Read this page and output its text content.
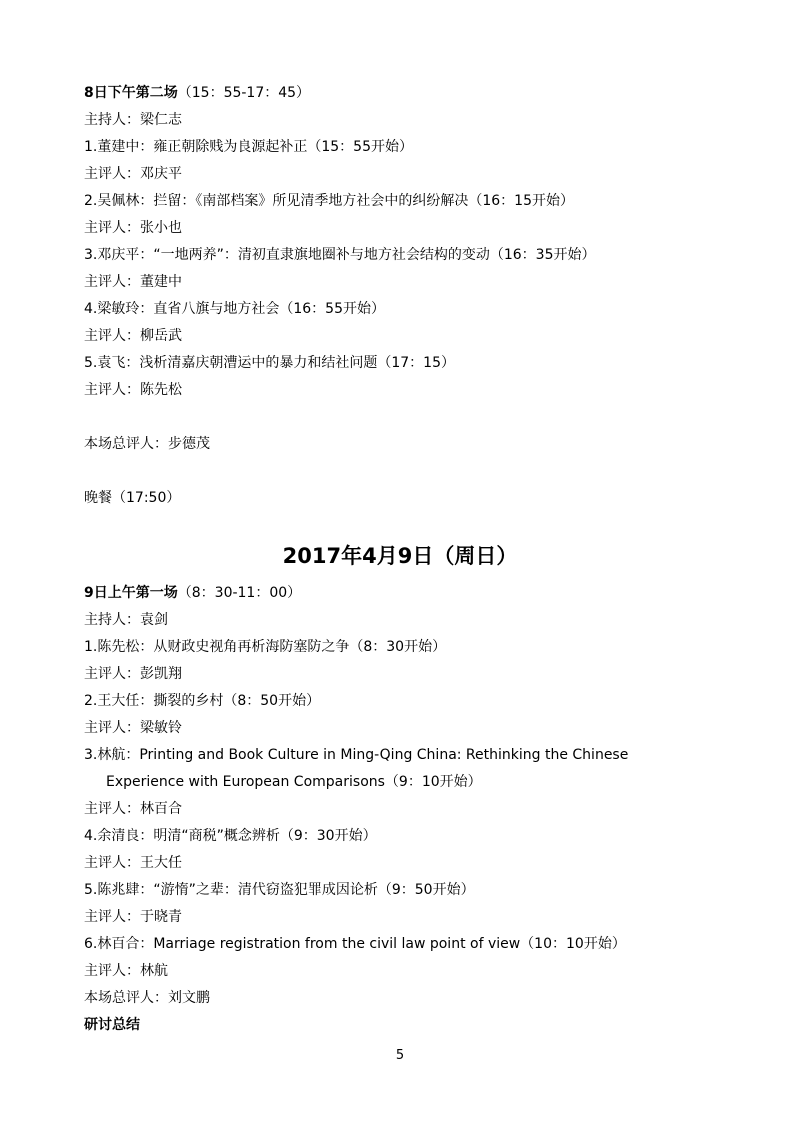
8日下午第二场（15：55-17：45）
主持人：梁仁志
1.董建中：雍正朝除贱为良源起补正（15：55开始）
主评人：邓庆平
2.吴佩林：拦留：《南部档案》所见清季地方社会中的纠纷解决（16：15开始）
主评人：张小也
3.邓庆平：“一地两养”：清初直隶旗地圈补与地方社会结构的变动（16：35开始）
主评人：董建中
4.梁敏玲：直省八旗与地方社会（16：55开始）
主评人：柳岳武
5.袁飞：浅析清嘉庆朝漕运中的暴力和结社问题（17：15）
主评人：陈先松
本场总评人：步德茂
晚餐（17:50）
2017年4月9日（周日）
9日上午第一场（8：30-11：00）
主持人：袁剑
1.陈先松：从财政史视角再析海防塞防之争（8：30开始）
主评人：彭凯翔
2.王大任：撕裂的乡村（8：50开始）
主评人：梁敏铃
3.林航：Printing and Book Culture in Ming-Qing China: Rethinking the Chinese
Experience with European Comparisons（9：10开始）
主评人：林百合
4.余清良：明清“商税”概念辨析（9：30开始）
主评人：王大任
5.陈兆肆：“游惰”之辈：清代窃盗犯罪成因论析（9：50开始）
主评人：于晓青
6.林百合：Marriage registration from the civil law point of view（10：10开始）
主评人：林航
本场总评人：刘文鹏
研讨总结
5
